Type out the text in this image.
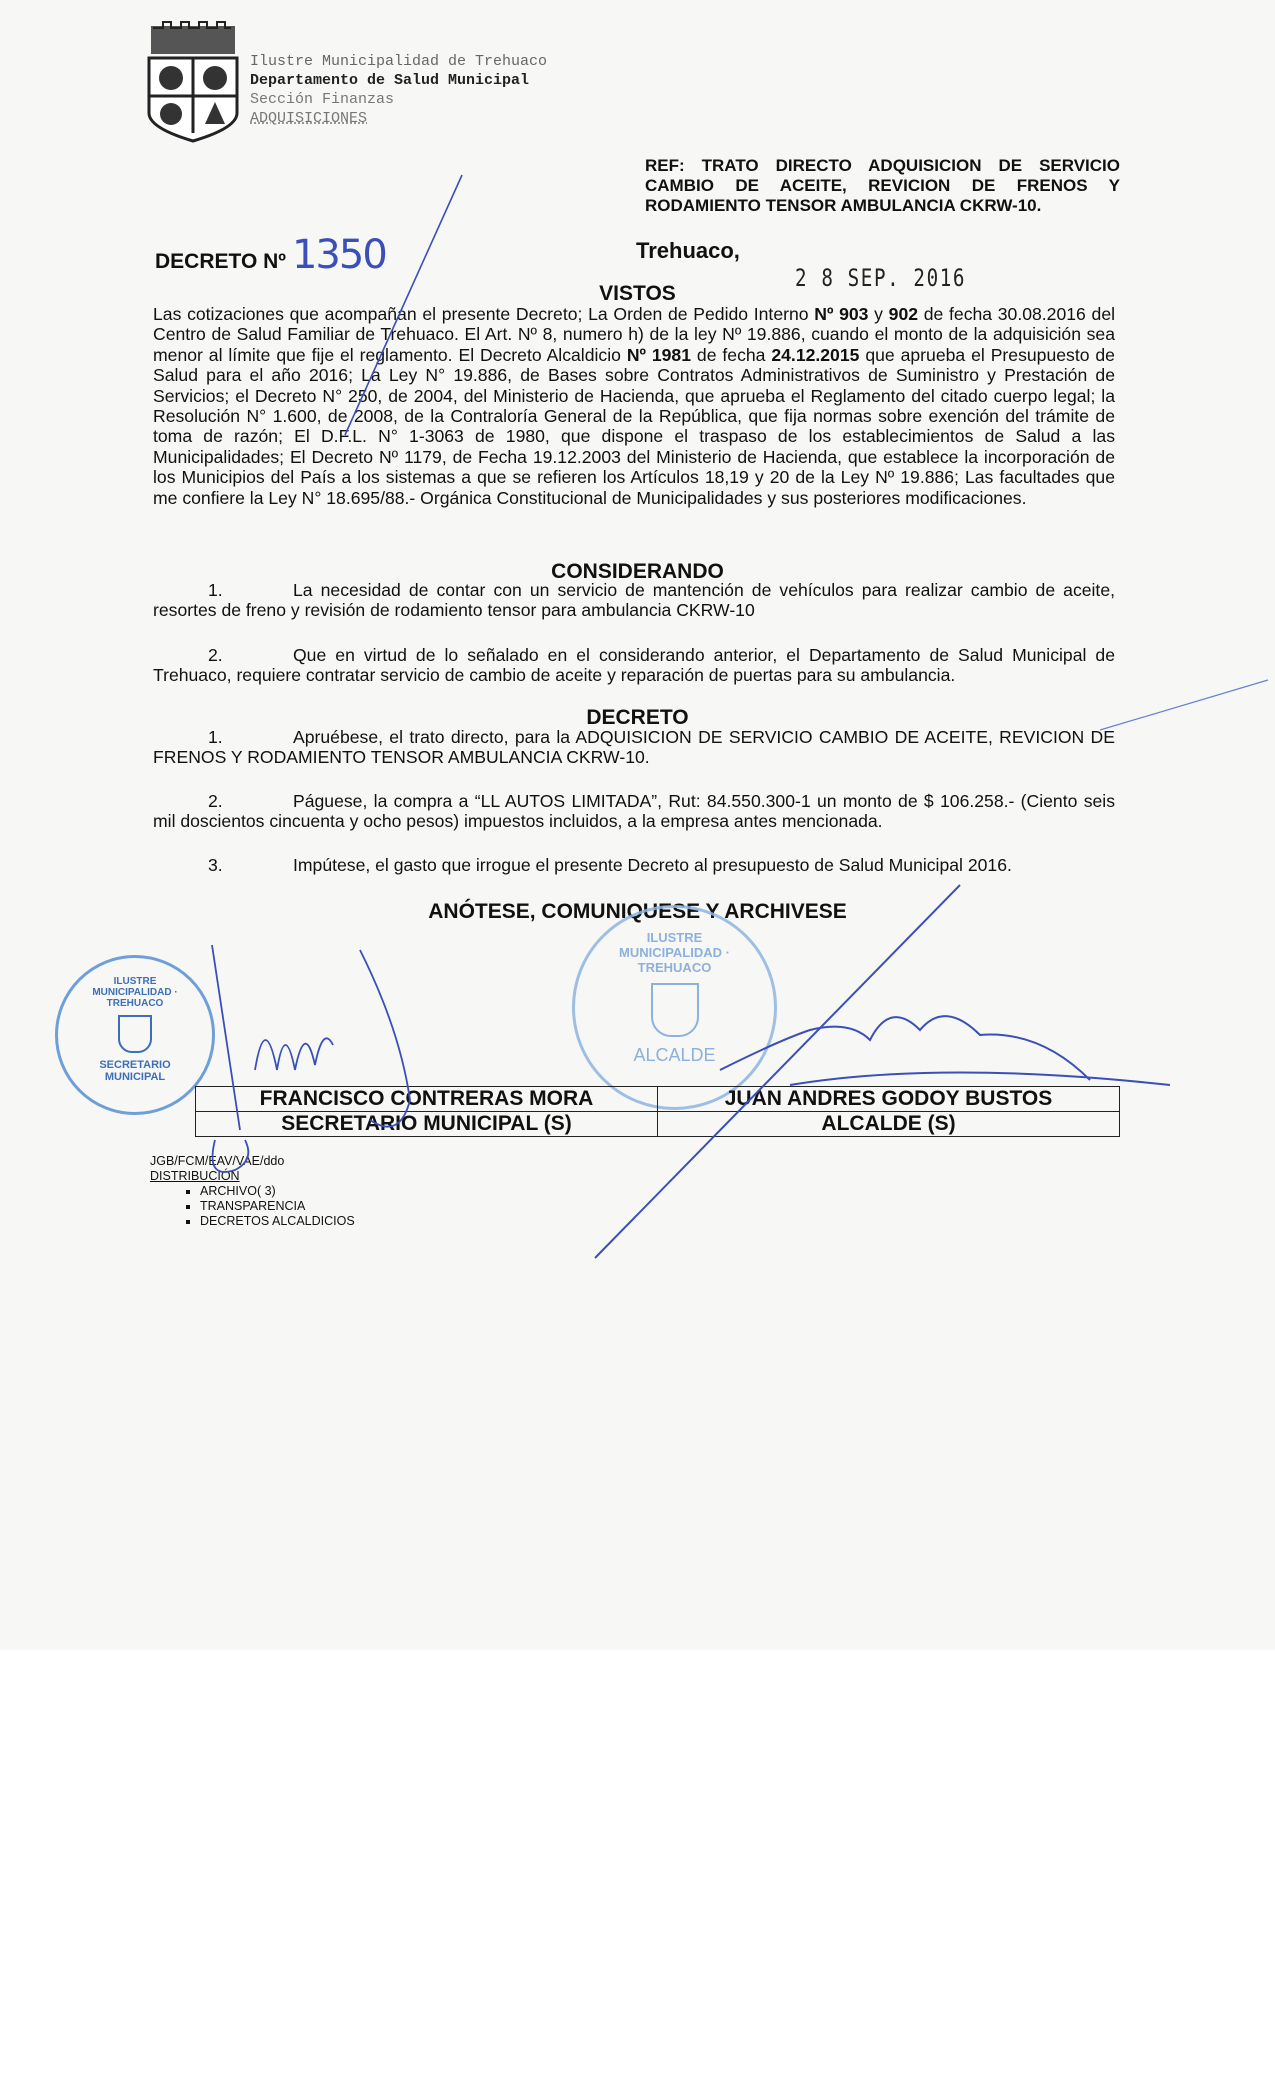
Ilustre Municipalidad de Trehuaco
Departamento de Salud Municipal
Sección Finanzas
ADQUISICIONES
REF: TRATO DIRECTO ADQUISICION DE SERVICIO CAMBIO DE ACEITE, REVICION DE FRENOS Y RODAMIENTO TENSOR AMBULANCIA CKRW-10.
DECRETO Nº 1350	Trehuaco,
2 8 SEP. 2016
VISTOS
Las cotizaciones que acompañan el presente Decreto; La Orden de Pedido Interno Nº 903 y 902 de fecha 30.08.2016 del Centro de Salud Familiar de Trehuaco. El Art. Nº 8, numero h) de la ley Nº 19.886, cuando el monto de la adquisición sea menor al límite que fije el reglamento. El Decreto Alcaldicio Nº 1981 de fecha 24.12.2015 que aprueba el Presupuesto de Salud para el año 2016; La Ley N° 19.886, de Bases sobre Contratos Administrativos de Suministro y Prestación de Servicios; el Decreto N° 250, de 2004, del Ministerio de Hacienda, que aprueba el Reglamento del citado cuerpo legal; la Resolución N° 1.600, de 2008, de la Contraloría General de la República, que fija normas sobre exención del trámite de toma de razón; El D.F.L. N° 1-3063 de 1980, que dispone el traspaso de los establecimientos de Salud a las Municipalidades; El Decreto Nº 1179, de Fecha 19.12.2003 del Ministerio de Hacienda, que establece la incorporación de los Municipios del País a los sistemas a que se refieren los Artículos 18,19 y 20 de la Ley Nº 19.886; Las facultades que me confiere la Ley N° 18.695/88.- Orgánica Constitucional de Municipalidades y sus posteriores modificaciones.
CONSIDERANDO
1.	La necesidad de contar con un servicio de mantención de vehículos para realizar cambio de aceite, resortes de freno y revisión de rodamiento tensor para ambulancia CKRW-10
2.	Que en virtud de lo señalado en el considerando anterior, el Departamento de Salud Municipal de Trehuaco, requiere contratar servicio de cambio de aceite y reparación de puertas para su ambulancia.
DECRETO
1.	Apruébese, el trato directo, para la ADQUISICION DE SERVICIO CAMBIO DE ACEITE, REVICION DE FRENOS Y RODAMIENTO TENSOR AMBULANCIA CKRW-10.
2.	Páguese, la compra a “LL AUTOS LIMITADA”, Rut: 84.550.300-1 un monto de $ 106.258.- (Ciento seis mil doscientos cincuenta y ocho pesos) impuestos incluidos, a la empresa antes mencionada.
3.	Impútese, el gasto que irrogue el presente Decreto al presupuesto de Salud Municipal 2016.
ANÓTESE, COMUNIQUESE Y ARCHIVESE
ILUSTRE MUNICIPALIDAD · TREHUACO
SECRETARIO MUNICIPAL
ILUSTRE MUNICIPALIDAD · TREHUACO
ALCALDE
FRANCISCO CONTRERAS MORA	JUAN ANDRES GODOY BUSTOS
SECRETARIO MUNICIPAL (S)	ALCALDE (S)
JGB/FCM/EAV/VAE/ddo
DISTRIBUCIÓN
▪ ARCHIVO( 3)
▪ TRANSPARENCIA
▪ DECRETOS ALCALDICIOS
